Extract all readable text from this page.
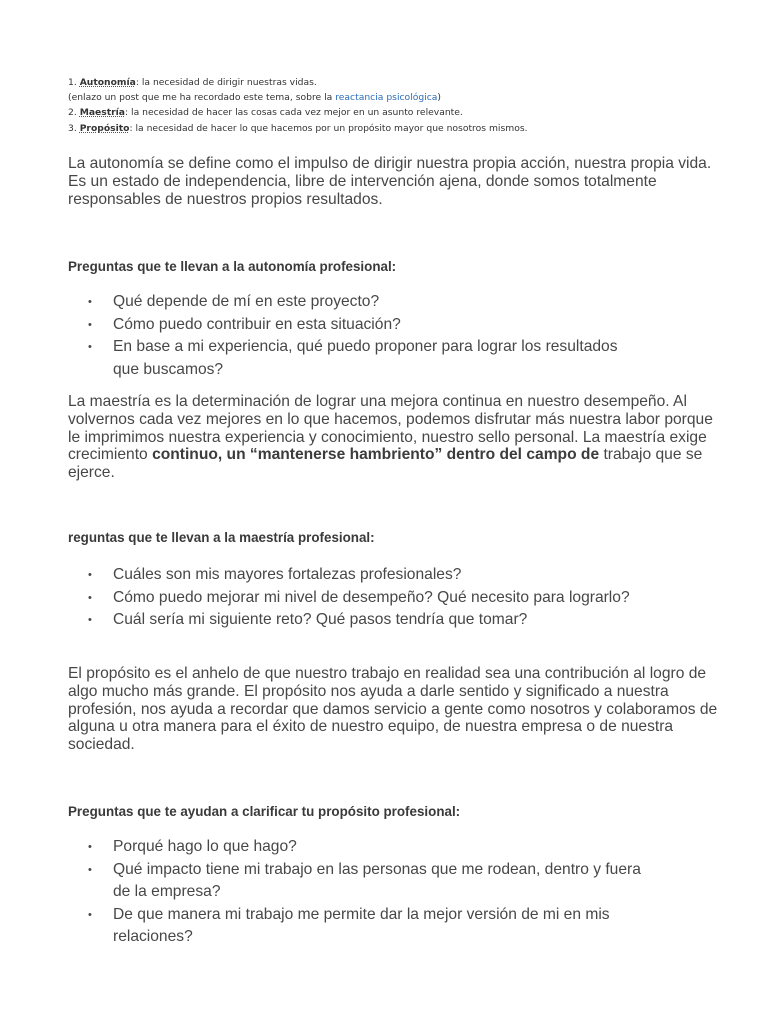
1. Autonomía: la necesidad de dirigir nuestras vidas.
(enlazo un post que me ha recordado este tema, sobre la reactancia psicológica)
2. Maestría: la necesidad de hacer las cosas cada vez mejor en un asunto relevante.
3. Propósito: la necesidad de hacer lo que hacemos por un propósito mayor que nosotros mismos.

La autonomía se define como el impulso de dirigir nuestra propia acción, nuestra propia vida. Es un estado de independencia, libre de intervención ajena, donde somos totalmente responsables de nuestros propios resultados.

Preguntas que te llevan a la autonomía profesional:
• Qué depende de mí en este proyecto?
• Cómo puedo contribuir en esta situación?
• En base a mi experiencia, qué puedo proponer para lograr los resultados que buscamos?

La maestría es la determinación de lograr una mejora continua en nuestro desempeño. Al volvernos cada vez mejores en lo que hacemos, podemos disfrutar más nuestra labor porque le imprimimos nuestra experiencia y conocimiento, nuestro sello personal. La maestría exige crecimiento continuo, un “mantenerse hambriento” dentro del campo de trabajo que se ejerce.

reguntas que te llevan a la maestría profesional:
• Cuáles son mis mayores fortalezas profesionales?
• Cómo puedo mejorar mi nivel de desempeño? Qué necesito para lograrlo?
• Cuál sería mi siguiente reto? Qué pasos tendría que tomar?

El propósito es el anhelo de que nuestro trabajo en realidad sea una contribución al logro de algo mucho más grande. El propósito nos ayuda a darle sentido y significado a nuestra profesión, nos ayuda a recordar que damos servicio a gente como nosotros y colaboramos de alguna u otra manera para el éxito de nuestro equipo, de nuestra empresa o de nuestra sociedad.

Preguntas que te ayudan a clarificar tu propósito profesional:
• Porqué hago lo que hago?
• Qué impacto tiene mi trabajo en las personas que me rodean, dentro y fuera de la empresa?
• De que manera mi trabajo me permite dar la mejor versión de mi en mis relaciones?
